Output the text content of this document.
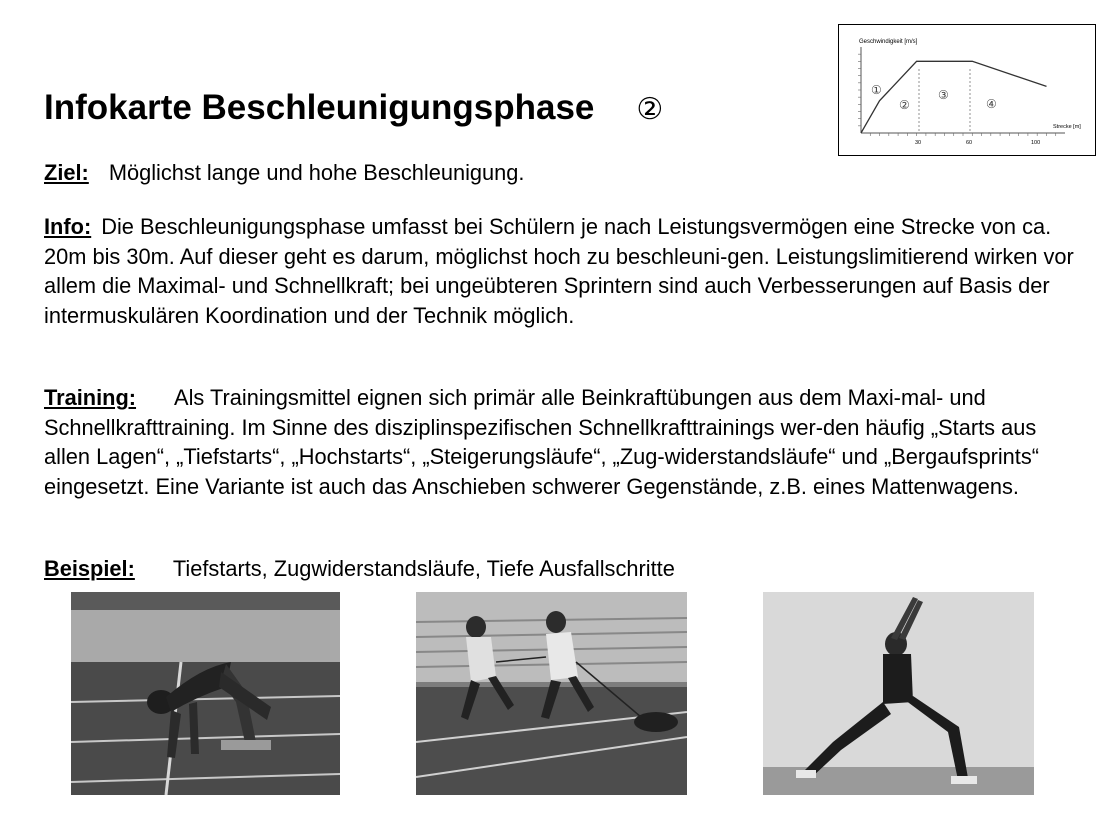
Infokarte Beschleunigungsphase ②
Geschwindigkeit [m/s]
①
②
③
④
30	60	100
Strecke [m]

Ziel: Möglichst lange und hohe Beschleunigung.

Info: Die Beschleunigungsphase umfasst bei Schülern je nach Leistungsvermögen eine Strecke von ca. 20m bis 30m. Auf dieser geht es darum, möglichst hoch zu beschleuni-gen. Leistungslimitierend wirken vor allem die Maximal- und Schnellkraft; bei ungeübteren Sprintern sind auch Verbesserungen auf Basis der intermuskulären Koordination und der Technik möglich.

Training: Als Trainingsmittel eignen sich primär alle Beinkraftübungen aus dem Maxi-mal- und Schnellkrafttraining. Im Sinne des disziplinspezifischen Schnellkrafttrainings wer-den häufig „Starts aus allen Lagen“, „Tiefstarts“, „Hochstarts“, „Steigerungsläufe“, „Zug-widerstandsläufe“ und „Bergaufsprints“ eingesetzt. Eine Variante ist auch das Anschieben schwerer Gegenstände, z.B. eines Mattenwagens.

Beispiel: Tiefstarts, Zugwiderstandsläufe, Tiefe Ausfallschritte
